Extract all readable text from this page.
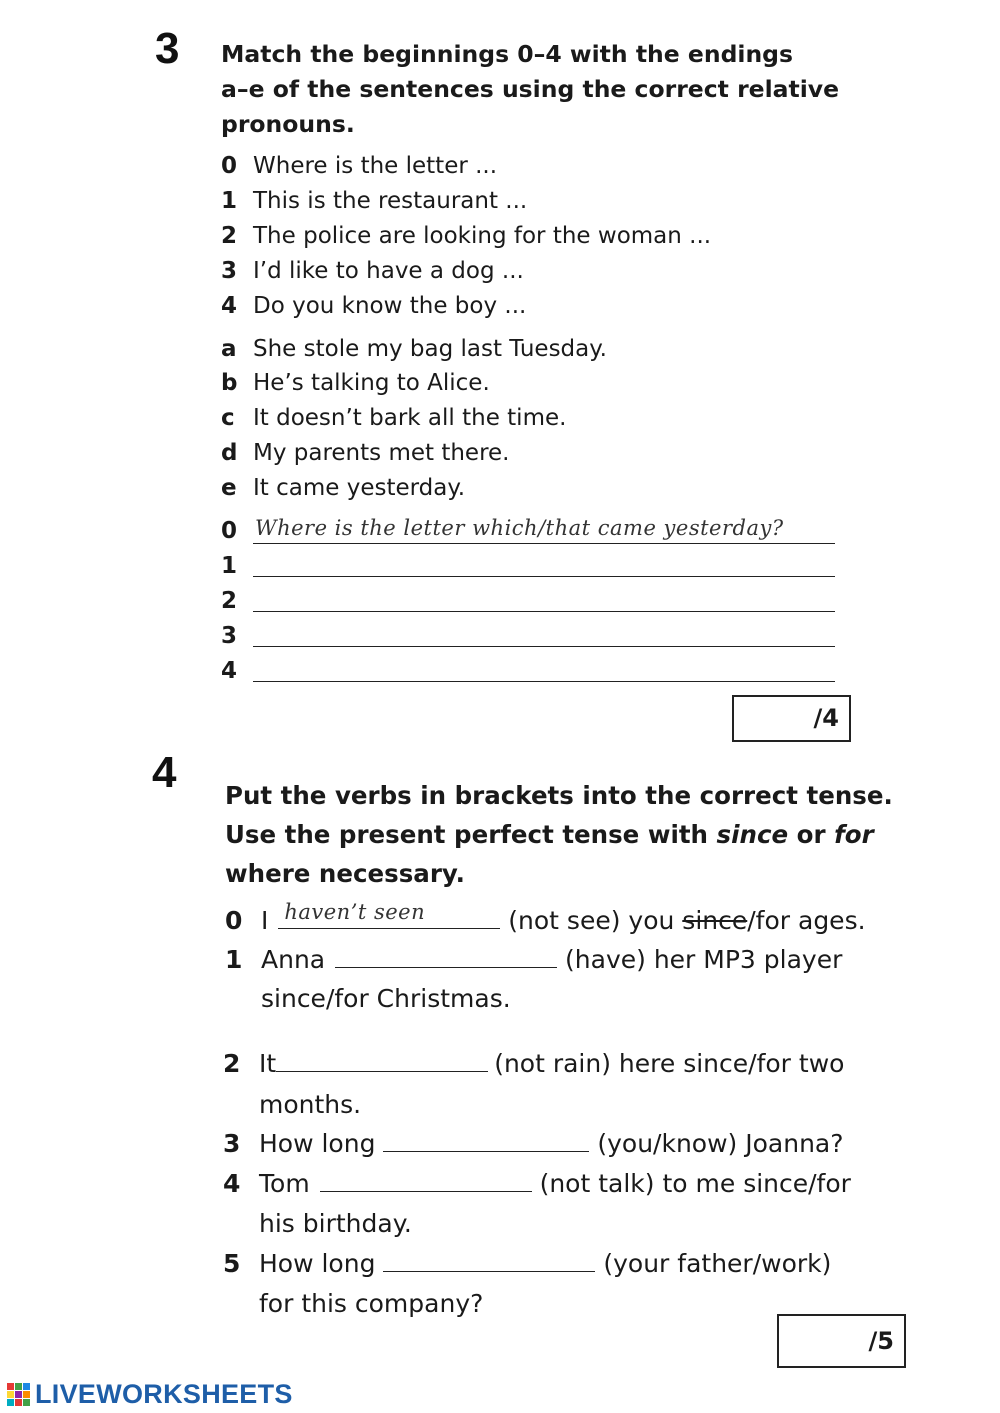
3 Match the beginnings 0–4 with the endings
a–e of the sentences using the correct relative
pronouns.
0 Where is the letter ...
1 This is the restaurant ...
2 The police are looking for the woman ...
3 I’d like to have a dog ...
4 Do you know the boy ...
a She stole my bag last Tuesday.
b He’s talking to Alice.
c It doesn’t bark all the time.
d My parents met there.
e It came yesterday.
0 Where is the letter which/that came yesterday?
1
2
3
4
/4
4 Put the verbs in brackets into the correct tense.
Use the present perfect tense with since or for
where necessary.
0 I haven’t seen	(not see) you since/for ages.
1 Anna	(have) her MP3 player
since/for Christmas.
2 It	(not rain) here since/for two
months.
3 How long	(you/know) Joanna?
4 Tom	(not talk) to me since/for
his birthday.
5 How long	(your father/work)
for this company?
/5
LIVEWORKSHEETS
